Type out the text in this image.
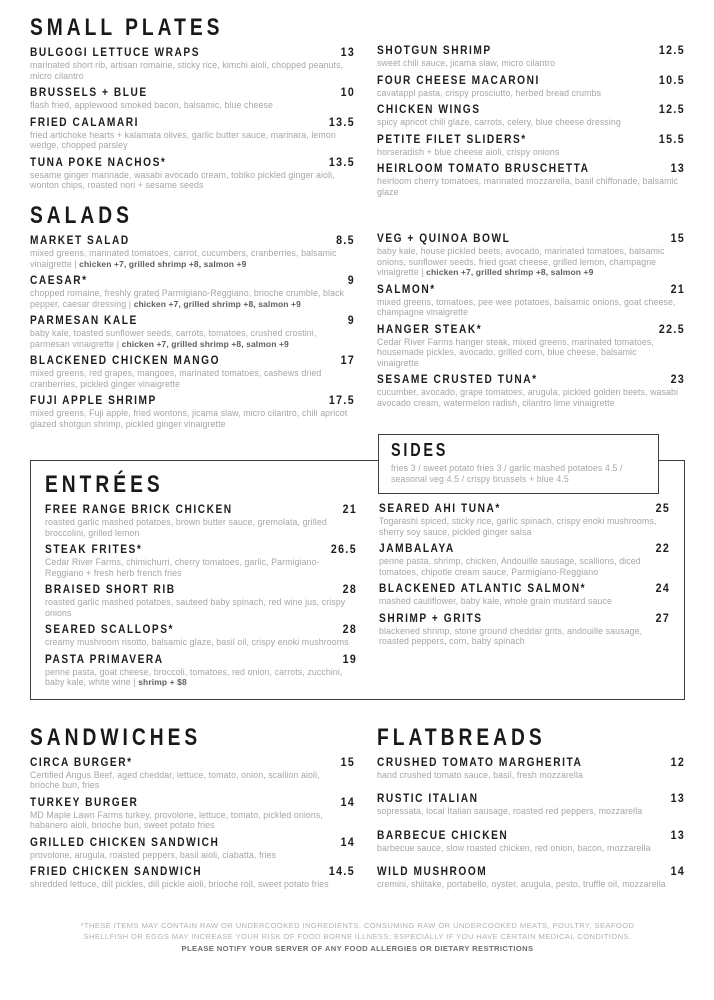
SMALL PLATES
BULGOGI LETTUCE WRAPS	13
marinated short rib, artisan romaine, sticky rice, kimchi aioli, chopped peanuts, micro cilantro
BRUSSELS + BLUE	10
flash fried, applewood smoked bacon, balsamic, blue cheese
FRIED CALAMARI	13.5
fried artichoke hearts + kalamata olives, garlic butter sauce, marinara, lemon wedge, chopped parsley
TUNA POKE NACHOS*	13.5
sesame ginger marinade, wasabi avocado cream, tobiko pickled ginger aioli, wonton chips, roasted nori + sesame seeds
SHOTGUN SHRIMP	12.5
sweet chili sauce, jicama slaw, micro cilantro
FOUR CHEESE MACARONI	10.5
cavatappi pasta, crispy prosciutto, herbed bread crumbs
CHICKEN WINGS	12.5
spicy apricot chili glaze, carrots, celery, blue cheese dressing
PETITE FILET SLIDERS*	15.5
horseradish + blue cheese aioli, crispy onions
HEIRLOOM TOMATO BRUSCHETTA	13
heirloom cherry tomatoes, marinated mozzarella, basil chiffonade, balsamic glaze
SALADS
MARKET SALAD	8.5
mixed greens, marinated tomatoes, carrot, cucumbers, cranberries, balsamic vinaigrette | chicken +7, grilled shrimp +8, salmon +9
CAESAR*	9
chopped romaine, freshly grated Parmigiano-Reggiano, brioche crumble, black pepper, caesar dressing | chicken +7, grilled shrimp +8, salmon +9
PARMESAN KALE	9
baby kale, toasted sunflower seeds, carrots, tomatoes, crushed crostini, parmesan vinaigrette | chicken +7, grilled shrimp +8, salmon +9
BLACKENED CHICKEN MANGO	17
mixed greens, red grapes, mangoes, marinated tomatoes, cashews dried cranberries, pickled ginger vinaigrette
FUJI APPLE SHRIMP	17.5
mixed greens, Fuji apple, fried wontons, jicama slaw, micro cilantro, chili apricot glazed shotgun shrimp, pickled ginger vinaigrette
VEG + QUINOA BOWL	15
baby kale, house pickled beets, avocado, marinated tomatoes, balsamic onions, sunflower seeds, fried goat cheese, grilled lemon, champagne vinaigrette | chicken +7, grilled shrimp +8, salmon +9
SALMON*	21
mixed greens, tomatoes, pee wee potatoes, balsamic onions, goat cheese, champagne vinaigrette
HANGER STEAK*	22.5
Cedar River Farms hanger steak, mixed greens, marinated tomatoes, housemade pickles, avocado, grilled corn, blue cheese, balsamic vinaigrette
SESAME CRUSTED TUNA*	23
cucumber, avocado, grape tomatoes, arugula, pickled golden beets, wasabi avocado cream, watermelon radish, cilantro lime vinaigrette
SIDES
fries 3 / sweet potato fries 3 / garlic mashed potatoes 4.5 / seasonal veg 4.5 / crispy brussels + blue 4.5
ENTRÉES
FREE RANGE BRICK CHICKEN	21
roasted garlic mashed potatoes, brown butter sauce, gremolata, grilled broccolini, grilled lemon
STEAK FRITES*	26.5
Cedar River Farms, chimichurri, cherry tomatoes, garlic, Parmigiano-Reggiano + fresh herb french fries
BRAISED SHORT RIB	28
roasted garlic mashed potatoes, sauteed baby spinach, red wine jus, crispy onions
SEARED SCALLOPS*	28
creamy mushroom risotto, balsamic glaze, basil oil, crispy enoki mushrooms
PASTA PRIMAVERA	19
penne pasta, goat cheese, broccoli, tomatoes, red onion, carrots, zucchini, baby kale, white wine | shrimp + $8
SEARED AHI TUNA*	25
Togarashi spiced, sticky rice, garlic spinach, crispy enoki mushrooms, sherry soy sauce, pickled ginger salsa
JAMBALAYA	22
penne pasta, shrimp, chicken, Andouille sausage, scallions, diced tomatoes, chipotle cream sauce, Parmigiano-Reggiano
BLACKENED ATLANTIC SALMON*	24
mashed cauliflower, baby kale, whole grain mustard sauce
SHRIMP + GRITS	27
blackened shrimp, stone ground cheddar grits, andouille sausage, roasted peppers, corn, baby spinach
SANDWICHES
CIRCA BURGER*	15
Certified Angus Beef, aged cheddar, lettuce, tomato, onion, scallion aioli, brioche bun, fries
TURKEY BURGER	14
MD Maple Lawn Farms turkey, provolone, lettuce, tomato, pickled onions, habanero aioli, brioche bun, sweet potato fries
GRILLED CHICKEN SANDWICH	14
provolone, arugula, roasted peppers, basil aioli, ciabatta, fries
FRIED CHICKEN SANDWICH	14.5
shredded lettuce, dill pickles, dill pickle aioli, brioche roll, sweet potato fries
FLATBREADS
CRUSHED TOMATO MARGHERITA	12
hand crushed tomato sauce, basil, fresh mozzarella
RUSTIC ITALIAN	13
sopressata, local Italian sausage, roasted red peppers, mozzarella
BARBECUE CHICKEN	13
barbecue sauce, slow roasted chicken, red onion, bacon, mozzarella
WILD MUSHROOM	14
cremini, shiitake, portabello, oyster, arugula, pesto, truffle oil, mozzarella
*THESE ITEMS MAY CONTAIN RAW OR UNDERCOOKED INGREDIENTS. CONSUMING RAW OR UNDERCOOKED MEATS, POULTRY, SEAFOOD
SHELLFISH OR EGGS MAY INCREASE YOUR RISK OF FOOD BORNE ILLNESS; ESPECIALLY IF YOU HAVE CERTAIN MEDICAL CONDITIONS.
PLEASE NOTIFY YOUR SERVER OF ANY FOOD ALLERGIES OR DIETARY RESTRICTIONS
